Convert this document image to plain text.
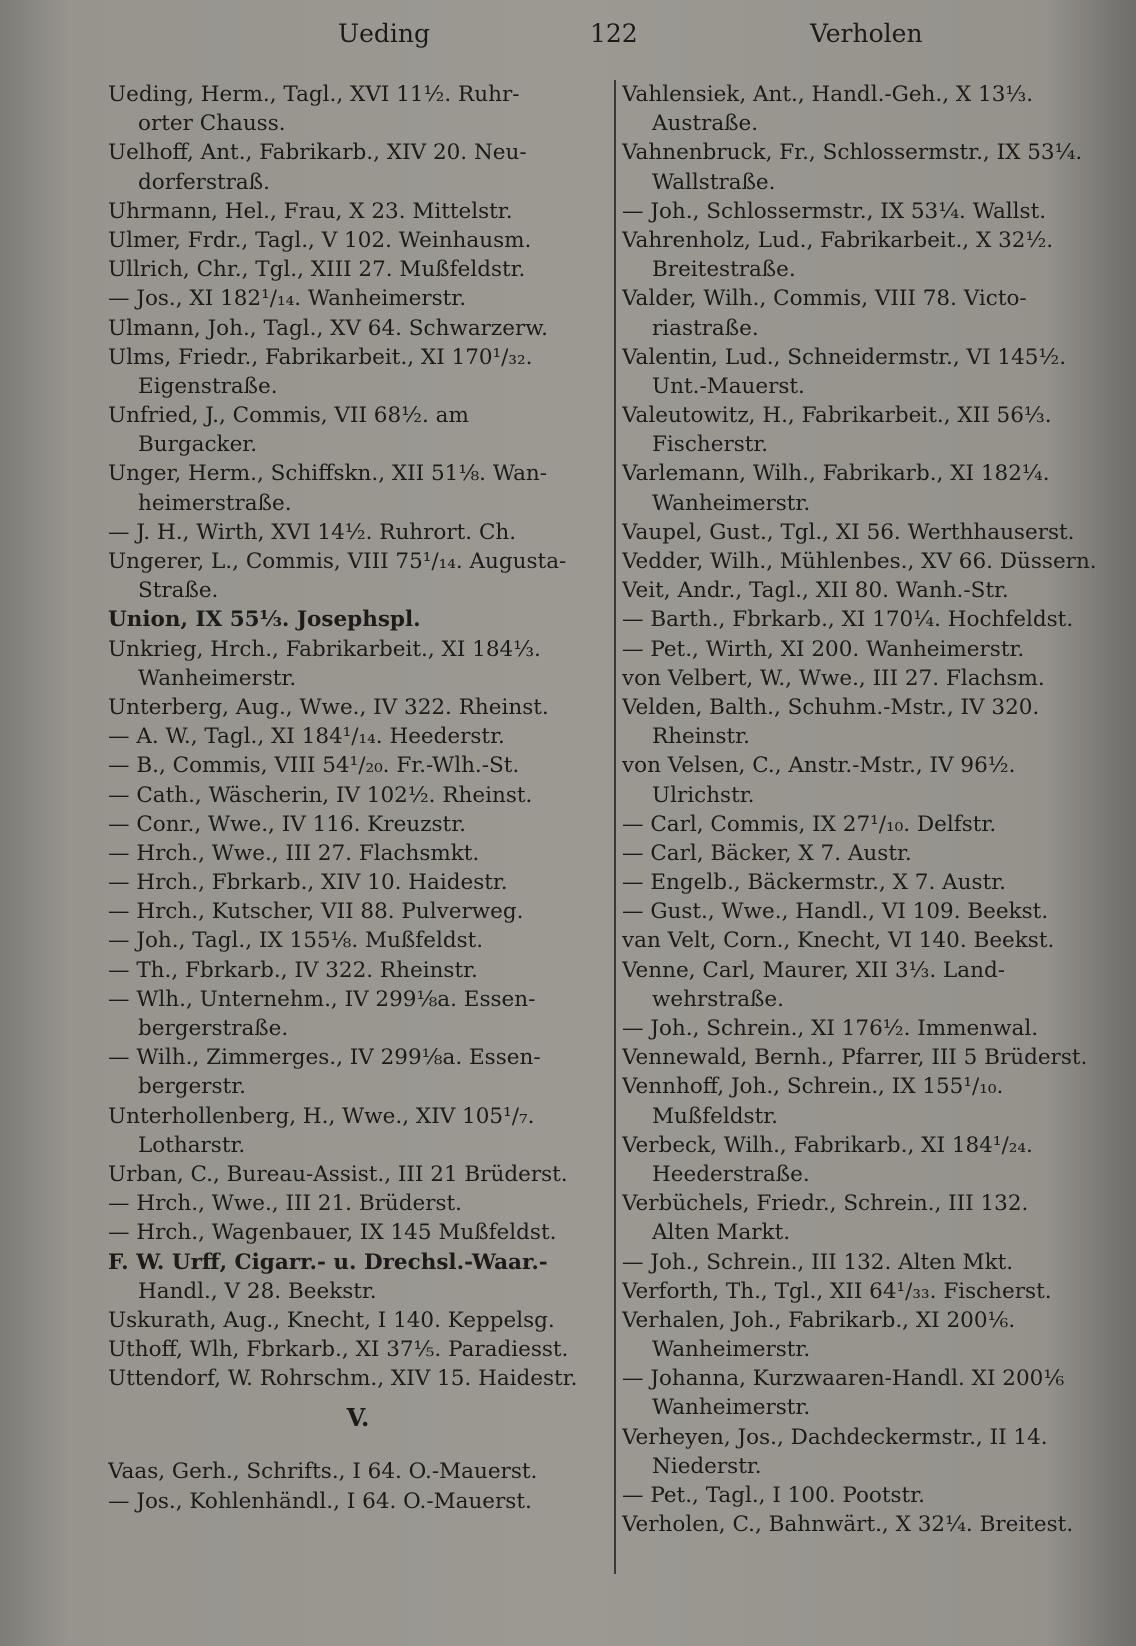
Ueding	122	Verholen
Ueding, Herm., Tagl., XVI 11½. Ruhr-
orter Chauss.
Uelhoff, Ant., Fabrikarb., XIV 20. Neu-
dorferstraß.
Uhrmann, Hel., Frau, X 23. Mittelstr.
Ulmer, Frdr., Tagl., V 102. Weinhausm.
Ullrich, Chr., Tgl., XIII 27. Mußfeldstr.
— Jos., XI 182¹/₁₄. Wanheimerstr.
Ulmann, Joh., Tagl., XV 64. Schwarzerw.
Ulms, Friedr., Fabrikarbeit., XI 170¹/₃₂.
Eigenstraße.
Unfried, J., Commis, VII 68½. am
Burgacker.
Unger, Herm., Schiffskn., XII 51⅛. Wan-
heimerstraße.
— J. H., Wirth, XVI 14½. Ruhrort. Ch.
Ungerer, L., Commis, VIII 75¹/₁₄. Augusta-
Straße.
Union, IX 55⅓. Josephspl.
Unkrieg, Hrch., Fabrikarbeit., XI 184⅓.
Wanheimerstr.
Unterberg, Aug., Wwe., IV 322. Rheinst.
— A. W., Tagl., XI 184¹/₁₄. Heederstr.
— B., Commis, VIII 54¹/₂₀. Fr.-Wlh.-St.
— Cath., Wäscherin, IV 102½. Rheinst.
— Conr., Wwe., IV 116. Kreuzstr.
— Hrch., Wwe., III 27. Flachsmkt.
— Hrch., Fbrkarb., XIV 10. Haidestr.
— Hrch., Kutscher, VII 88. Pulverweg.
— Joh., Tagl., IX 155⅛. Mußfeldst.
— Th., Fbrkarb., IV 322. Rheinstr.
— Wlh., Unternehm., IV 299⅛a. Essen-
bergerstraße.
— Wilh., Zimmerges., IV 299⅛a. Essen-
bergerstr.
Unterhollenberg, H., Wwe., XIV 105¹/₇.
Lotharstr.
Urban, C., Bureau-Assist., III 21 Brüderst.
— Hrch., Wwe., III 21. Brüderst.
— Hrch., Wagenbauer, IX 145 Mußfeldst.
F. W. Urff, Cigarr.- u. Drechsl.-Waar.-
Handl., V 28. Beekstr.
Uskurath, Aug., Knecht, I 140. Keppelsg.
Uthoff, Wlh, Fbrkarb., XI 37⅕. Paradiesst.
Uttendorf, W. Rohrschm., XIV 15. Haidestr.
V.
Vaas, Gerh., Schrifts., I 64. O.-Mauerst.
— Jos., Kohlenhändl., I 64. O.-Mauerst.
Vahlensiek, Ant., Handl.-Geh., X 13⅓.
Austraße.
Vahnenbruck, Fr., Schlossermstr., IX 53¼.
Wallstraße.
— Joh., Schlossermstr., IX 53¼. Wallst.
Vahrenholz, Lud., Fabrikarbeit., X 32½.
Breitestraße.
Valder, Wilh., Commis, VIII 78. Victo-
riastraße.
Valentin, Lud., Schneidermstr., VI 145½.
Unt.-Mauerst.
Valeutowitz, H., Fabrikarbeit., XII 56⅓.
Fischerstr.
Varlemann, Wilh., Fabrikarb., XI 182¼.
Wanheimerstr.
Vaupel, Gust., Tgl., XI 56. Werthhauserst.
Vedder, Wilh., Mühlenbes., XV 66. Düssern.
Veit, Andr., Tagl., XII 80. Wanh.-Str.
— Barth., Fbrkarb., XI 170¼. Hochfeldst.
— Pet., Wirth, XI 200. Wanheimerstr.
von Velbert, W., Wwe., III 27. Flachsm.
Velden, Balth., Schuhm.-Mstr., IV 320.
Rheinstr.
von Velsen, C., Anstr.-Mstr., IV 96½.
Ulrichstr.
— Carl, Commis, IX 27¹/₁₀. Delfstr.
— Carl, Bäcker, X 7. Austr.
— Engelb., Bäckermstr., X 7. Austr.
— Gust., Wwe., Handl., VI 109. Beekst.
van Velt, Corn., Knecht, VI 140. Beekst.
Venne, Carl, Maurer, XII 3⅓. Land-
wehrstraße.
— Joh., Schrein., XI 176½. Immenwal.
Vennewald, Bernh., Pfarrer, III 5 Brüderst.
Vennhoff, Joh., Schrein., IX 155¹/₁₀.
Mußfeldstr.
Verbeck, Wilh., Fabrikarb., XI 184¹/₂₄.
Heederstraße.
Verbüchels, Friedr., Schrein., III 132.
Alten Markt.
— Joh., Schrein., III 132. Alten Mkt.
Verforth, Th., Tgl., XII 64¹/₃₃. Fischerst.
Verhalen, Joh., Fabrikarb., XI 200⅙.
Wanheimerstr.
— Johanna, Kurzwaaren-Handl. XI 200⅙
Wanheimerstr.
Verheyen, Jos., Dachdeckermstr., II 14.
Niederstr.
— Pet., Tagl., I 100. Pootstr.
Verholen, C., Bahnwärt., X 32¼. Breitest.
